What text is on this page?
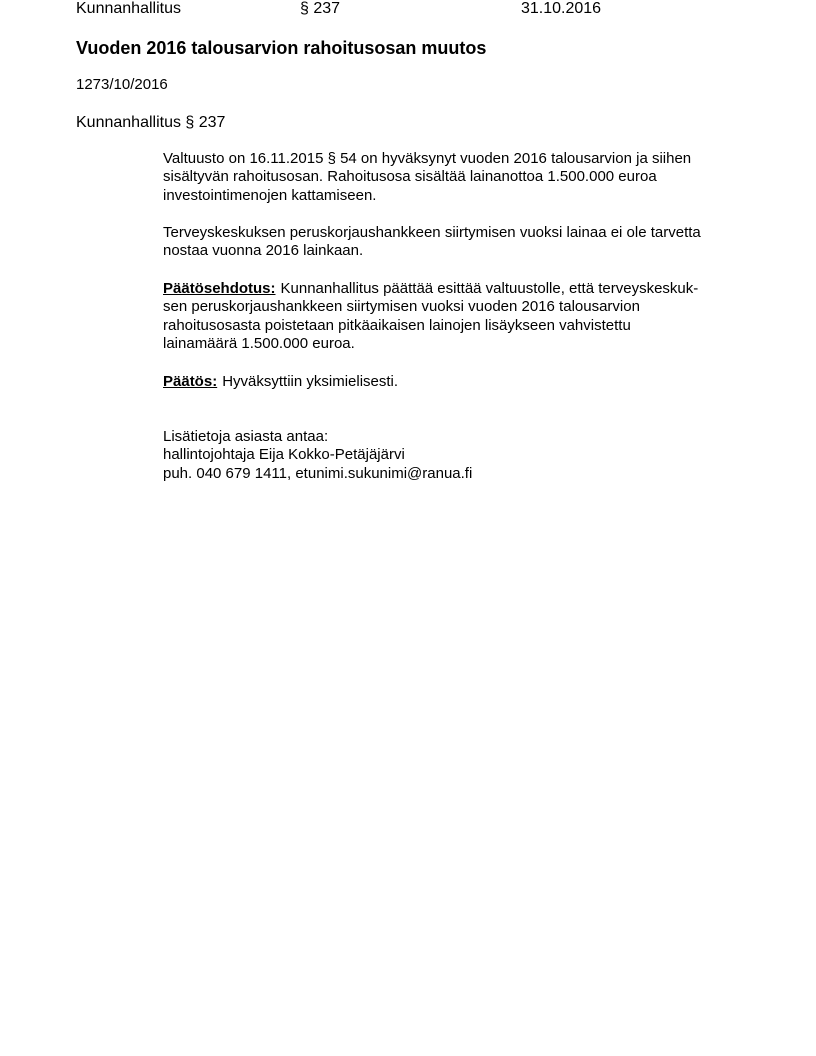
Kunnanhallitus	§ 237	31.10.2016
Vuoden 2016 talousarvion rahoitusosan muutos
1273/10/2016
Kunnanhallitus § 237
Valtuusto on 16.11.2015 § 54 on hyväksynyt vuoden 2016 talousarvion ja siihen
sisältyvän rahoitusosan. Rahoitusosa sisältää lainanottoa 1.500.000 euroa
investointimenojen kattamiseen.
Terveyskeskuksen peruskorjaushankkeen siirtymisen vuoksi lainaa ei ole tarvetta
nostaa vuonna 2016 lainkaan.
Päätösehdotus: Kunnanhallitus päättää esittää valtuustolle, että terveyskeskuk-
sen peruskorjaushankkeen siirtymisen vuoksi vuoden 2016 talousarvion
rahoitusosasta poistetaan pitkäaikaisen lainojen lisäykseen vahvistettu
lainamäärä 1.500.000 euroa.
Päätös: Hyväksyttiin yksimielisesti.
Lisätietoja asiasta antaa:
hallintojohtaja Eija Kokko-Petäjäjärvi
puh. 040 679 1411, etunimi.sukunimi@ranua.fi
